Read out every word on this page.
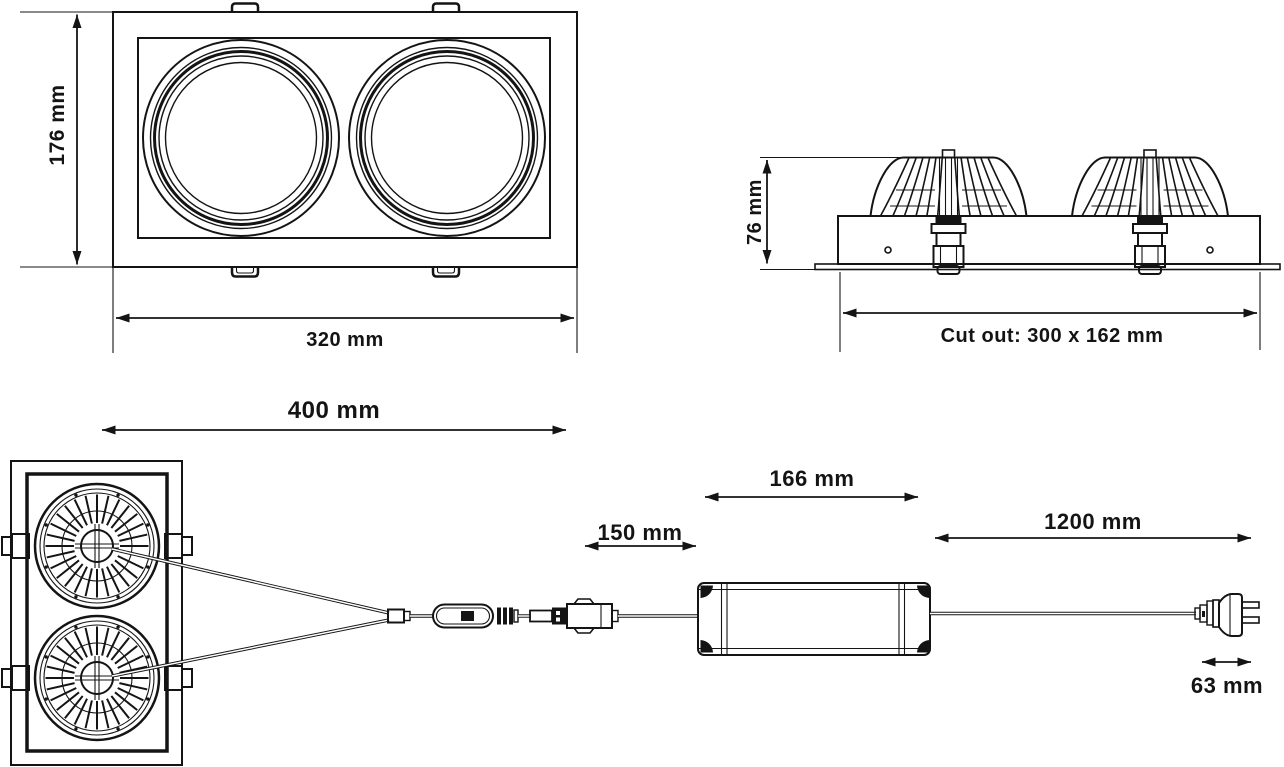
176 mm
320 mm
76 mm
Cut out: 300 x 162 mm
400 mm
150 mm
166 mm
1200 mm
63 mm
